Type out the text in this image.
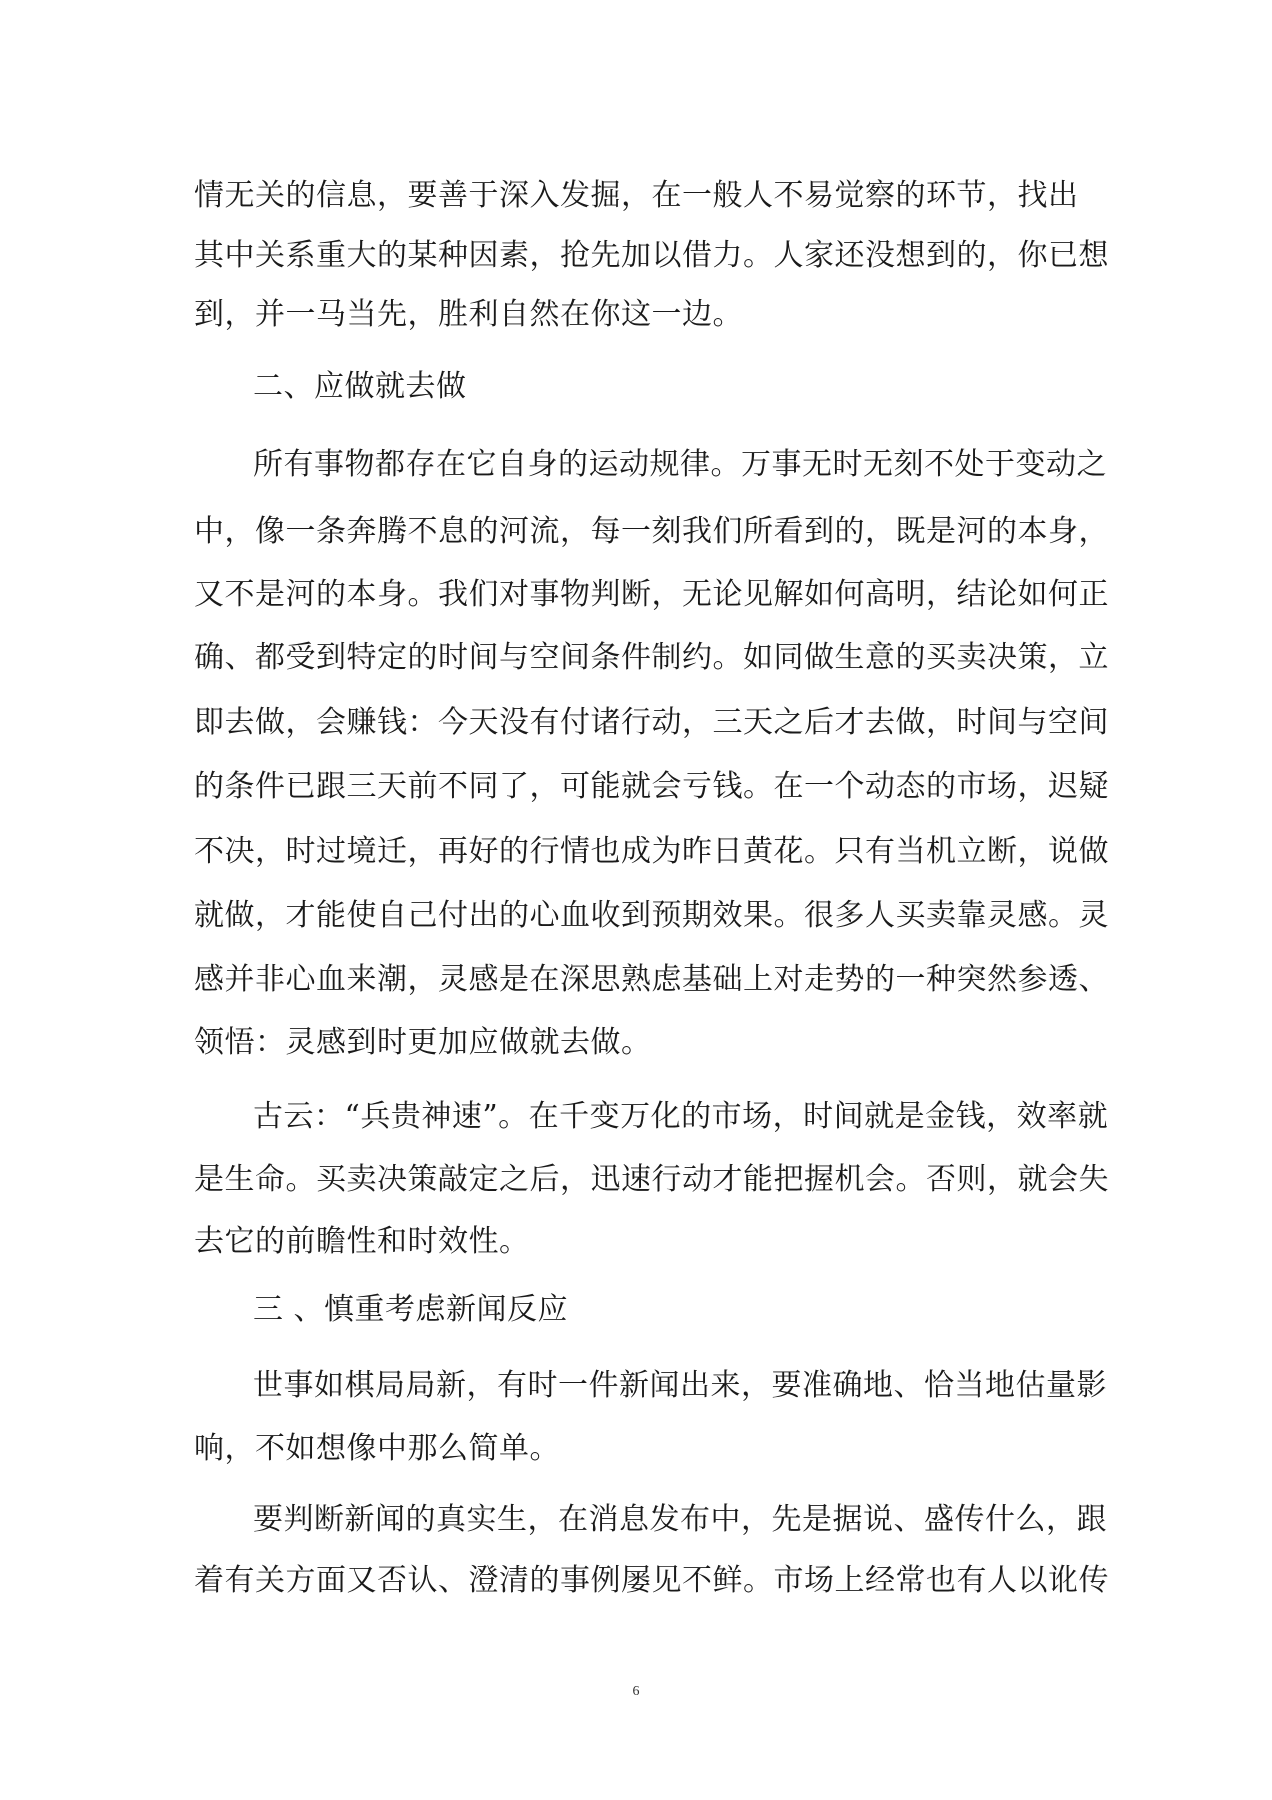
情无关的信息，要善于深入发掘，在一般人不易觉察的环节，找出
其中关系重大的某种因素，抢先加以借力。人家还没想到的，你已想
到，并一马当先，胜利自然在你这一边。
二、应做就去做
所有事物都存在它自身的运动规律。万事无时无刻不处于变动之
中，像一条奔腾不息的河流，每一刻我们所看到的，既是河的本身，
又不是河的本身。我们对事物判断，无论见解如何高明，结论如何正
确、都受到特定的时间与空间条件制约。如同做生意的买卖决策，立
即去做，会赚钱：今天没有付诸行动，三天之后才去做，时间与空间
的条件已跟三天前不同了，可能就会亏钱。在一个动态的市场，迟疑
不决，时过境迁，再好的行情也成为昨日黄花。只有当机立断，说做
就做，才能使自己付出的心血收到预期效果。很多人买卖靠灵感。灵
感并非心血来潮，灵感是在深思熟虑基础上对走势的一种突然参透、
领悟：灵感到时更加应做就去做。
古云：“兵贵神速”。在千变万化的市场，时间就是金钱，效率就
是生命。买卖决策敲定之后，迅速行动才能把握机会。否则，就会失
去它的前瞻性和时效性。
三 、慎重考虑新闻反应
世事如棋局局新，有时一件新闻出来，要准确地、恰当地估量影
响，不如想像中那么简单。
要判断新闻的真实生，在消息发布中，先是据说、盛传什么，跟
着有关方面又否认、澄清的事例屡见不鲜。市场上经常也有人以讹传
6
